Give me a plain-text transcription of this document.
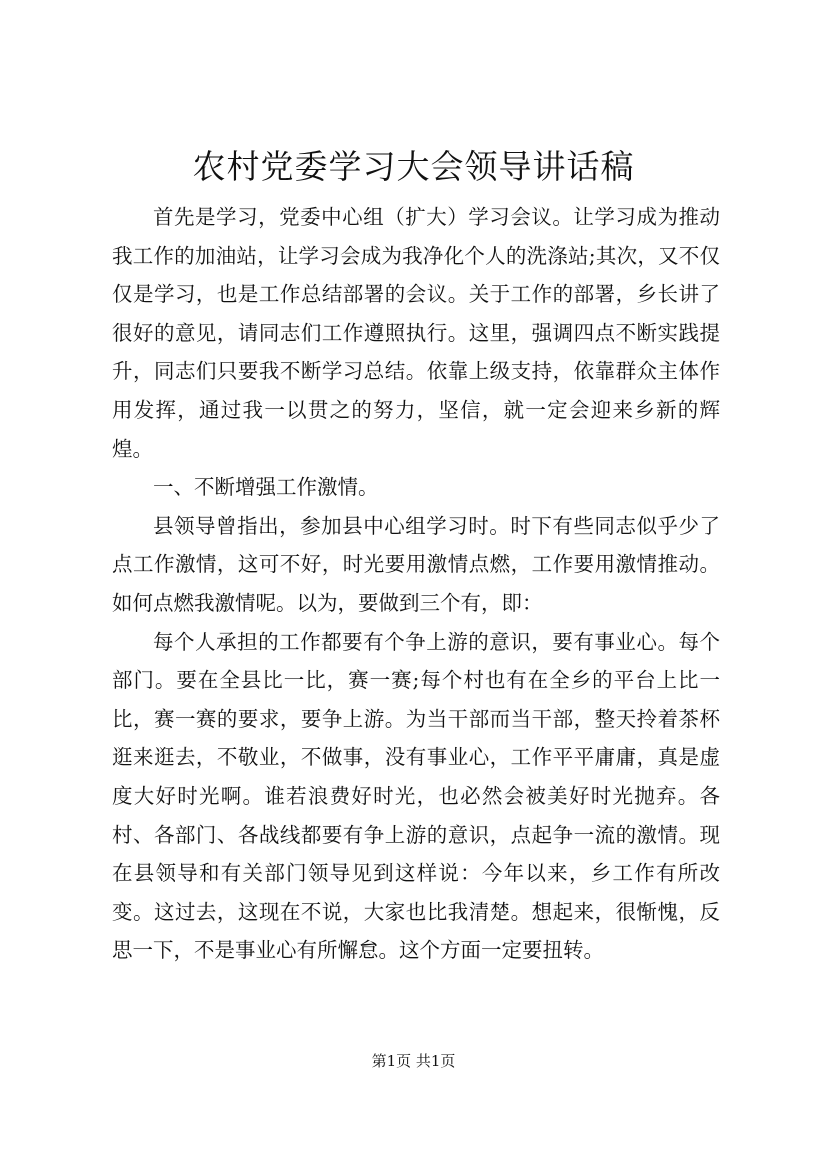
农村党委学习大会领导讲话稿

首先是学习，党委中心组（扩大）学习会议。让学习成为推动我工作的加油站，让学习会成为我净化个人的洗涤站;其次，又不仅仅是学习，也是工作总结部署的会议。关于工作的部署，乡长讲了很好的意见，请同志们工作遵照执行。这里，强调四点不断实践提升，同志们只要我不断学习总结。依靠上级支持，依靠群众主体作用发挥，通过我一以贯之的努力，坚信，就一定会迎来乡新的辉煌。

一、不断增强工作激情。

县领导曾指出，参加县中心组学习时。时下有些同志似乎少了点工作激情，这可不好，时光要用激情点燃，工作要用激情推动。如何点燃我激情呢。以为，要做到三个有，即：

每个人承担的工作都要有个争上游的意识，要有事业心。每个部门。要在全县比一比，赛一赛;每个村也有在全乡的平台上比一比，赛一赛的要求，要争上游。为当干部而当干部，整天拎着茶杯逛来逛去，不敬业，不做事，没有事业心，工作平平庸庸，真是虚度大好时光啊。谁若浪费好时光，也必然会被美好时光抛弃。各村、各部门、各战线都要有争上游的意识，点起争一流的激情。现在县领导和有关部门领导见到这样说：今年以来，乡工作有所改变。这过去，这现在不说，大家也比我清楚。想起来，很惭愧，反思一下，不是事业心有所懈怠。这个方面一定要扭转。

第1页 共1页
